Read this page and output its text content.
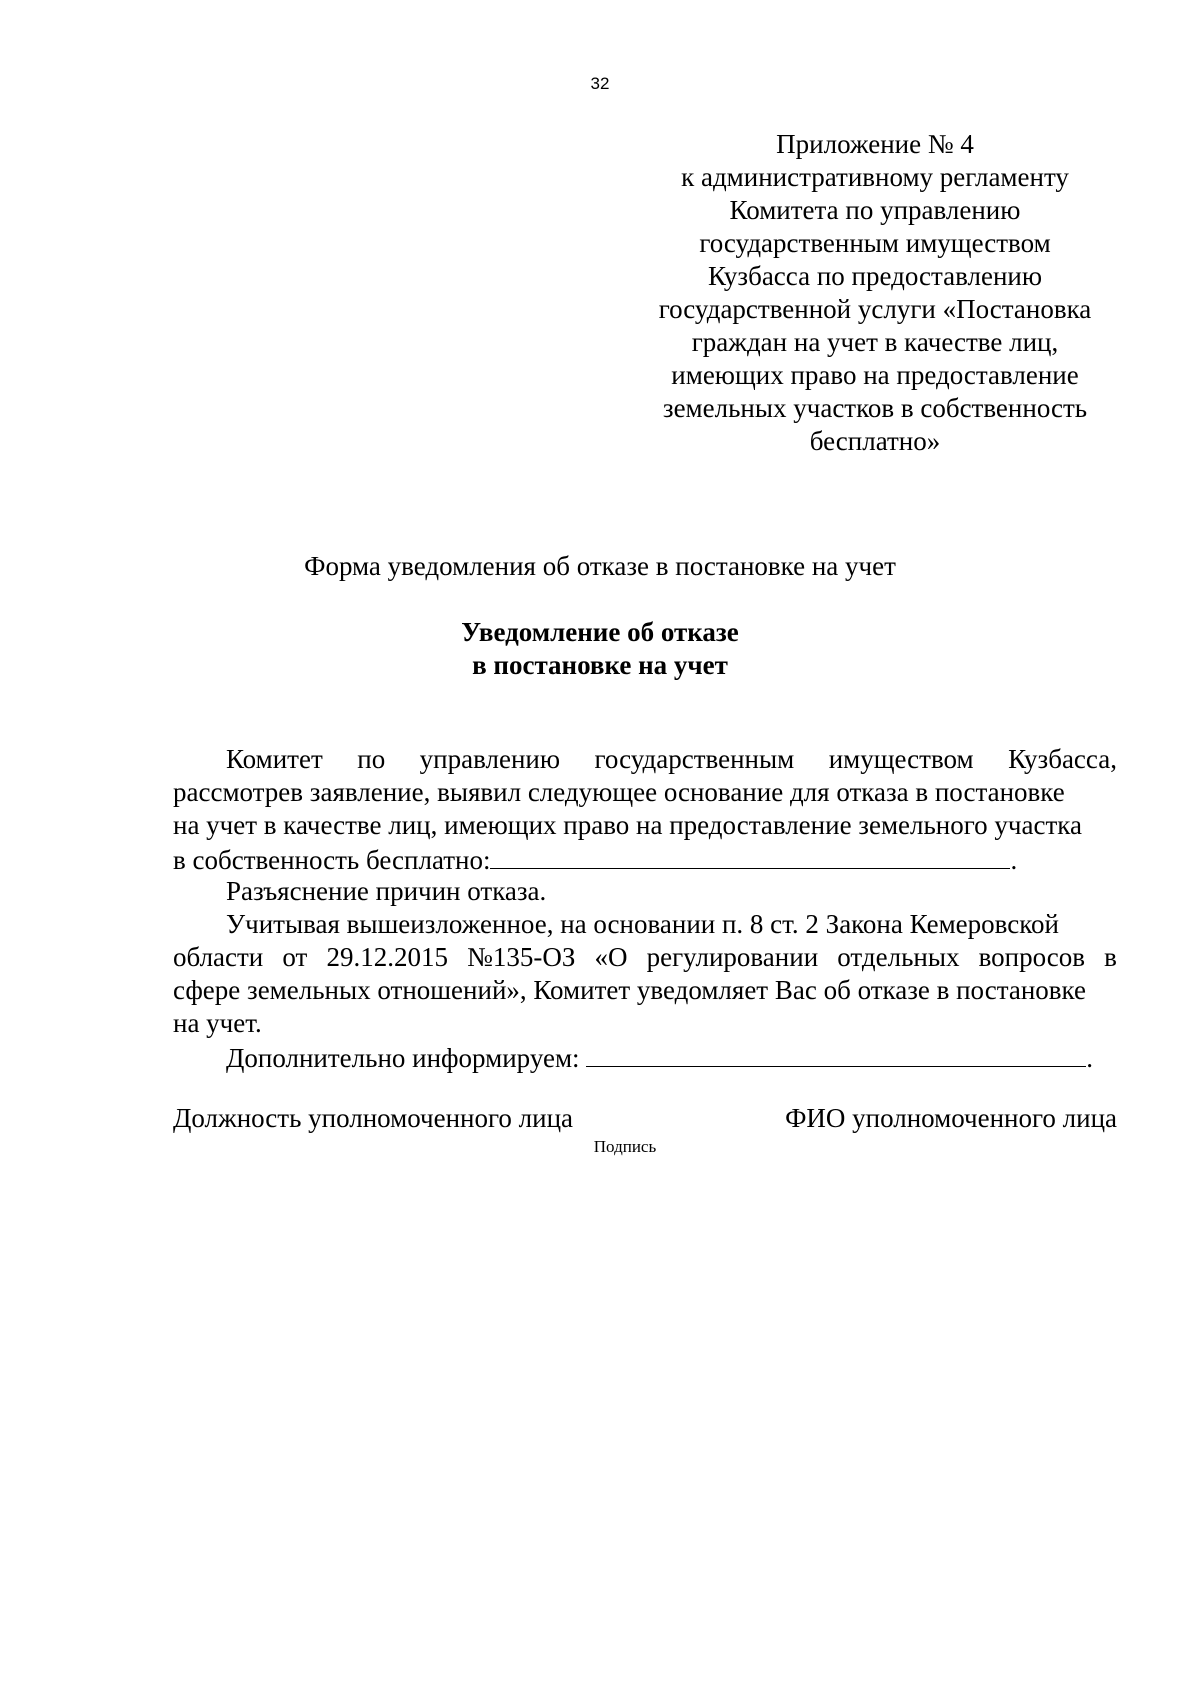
32
Приложение № 4
к административному регламенту
Комитета по управлению
государственным имуществом
Кузбасса по предоставлению
государственной услуги «Постановка
граждан на учет в качестве лиц,
имеющих право на предоставление
земельных участков в собственность
бесплатно»
Форма уведомления об отказе в постановке на учет
Уведомление об отказе
в постановке на учет
Комитет по управлению государственным имуществом Кузбасса,
рассмотрев заявление, выявил следующее основание для отказа в постановке
на учет в качестве лиц, имеющих право на предоставление земельного участка
в собственность бесплатно:	.
Разъяснение причин отказа.
Учитывая вышеизложенное, на основании п. 8 ст. 2 Закона Кемеровской
области от 29.12.2015 №135-ОЗ «О регулировании отдельных вопросов в
сфере земельных отношений», Комитет уведомляет Вас об отказе в постановке
на учет.
Дополнительно информируем:	.
Должность уполномоченного лица	ФИО уполномоченного лица
Подпись
